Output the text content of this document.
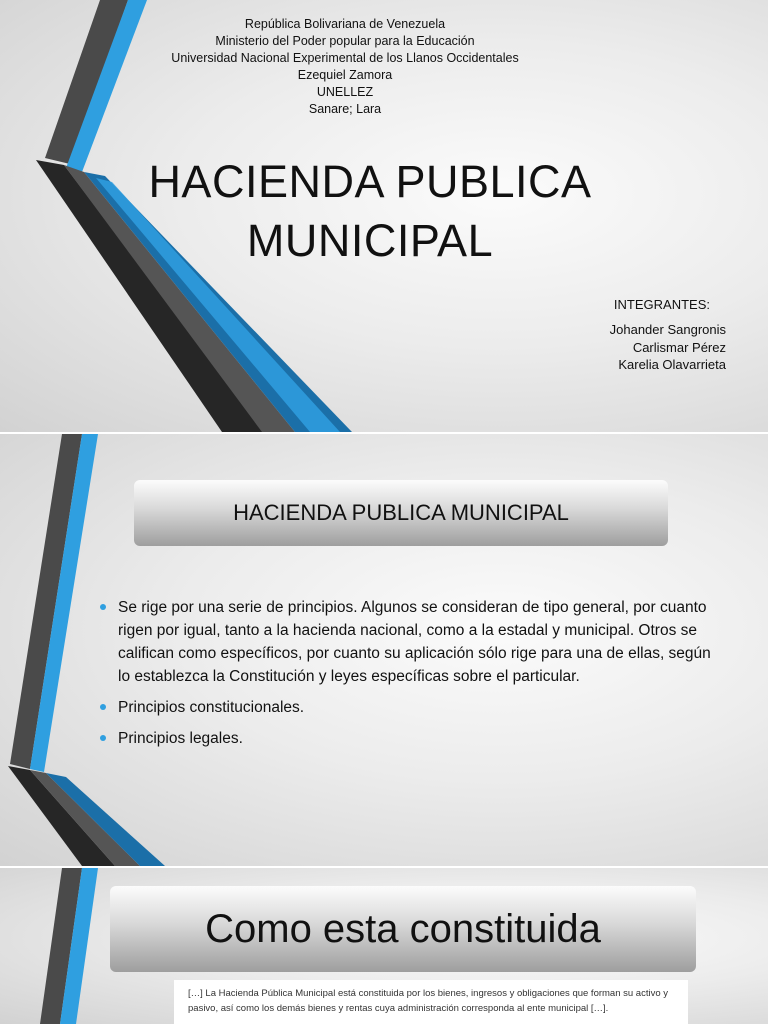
República Bolivariana de Venezuela
Ministerio del Poder popular para la Educación
Universidad Nacional Experimental de los Llanos Occidentales
Ezequiel Zamora
UNELLEZ
Sanare; Lara
HACIENDA PUBLICA
MUNICIPAL
INTEGRANTES:
Johander Sangronis
Carlismar Pérez
Karelia Olavarrieta
HACIENDA PUBLICA MUNICIPAL
Se rige por una serie de principios. Algunos se consideran de tipo general, por cuanto rigen por igual, tanto a la hacienda nacional, como a la estadal y municipal. Otros se califican como específicos, por cuanto su aplicación sólo rige para una de ellas, según lo establezca la Constitución y leyes específicas sobre el particular.
Principios constitucionales.
Principios legales.
Como esta constituida
[…] La Hacienda Pública Municipal está constituida por los bienes, ingresos y obligaciones que forman su activo y pasivo, así como los demás bienes y rentas cuya administración corresponda al ente municipal […].
